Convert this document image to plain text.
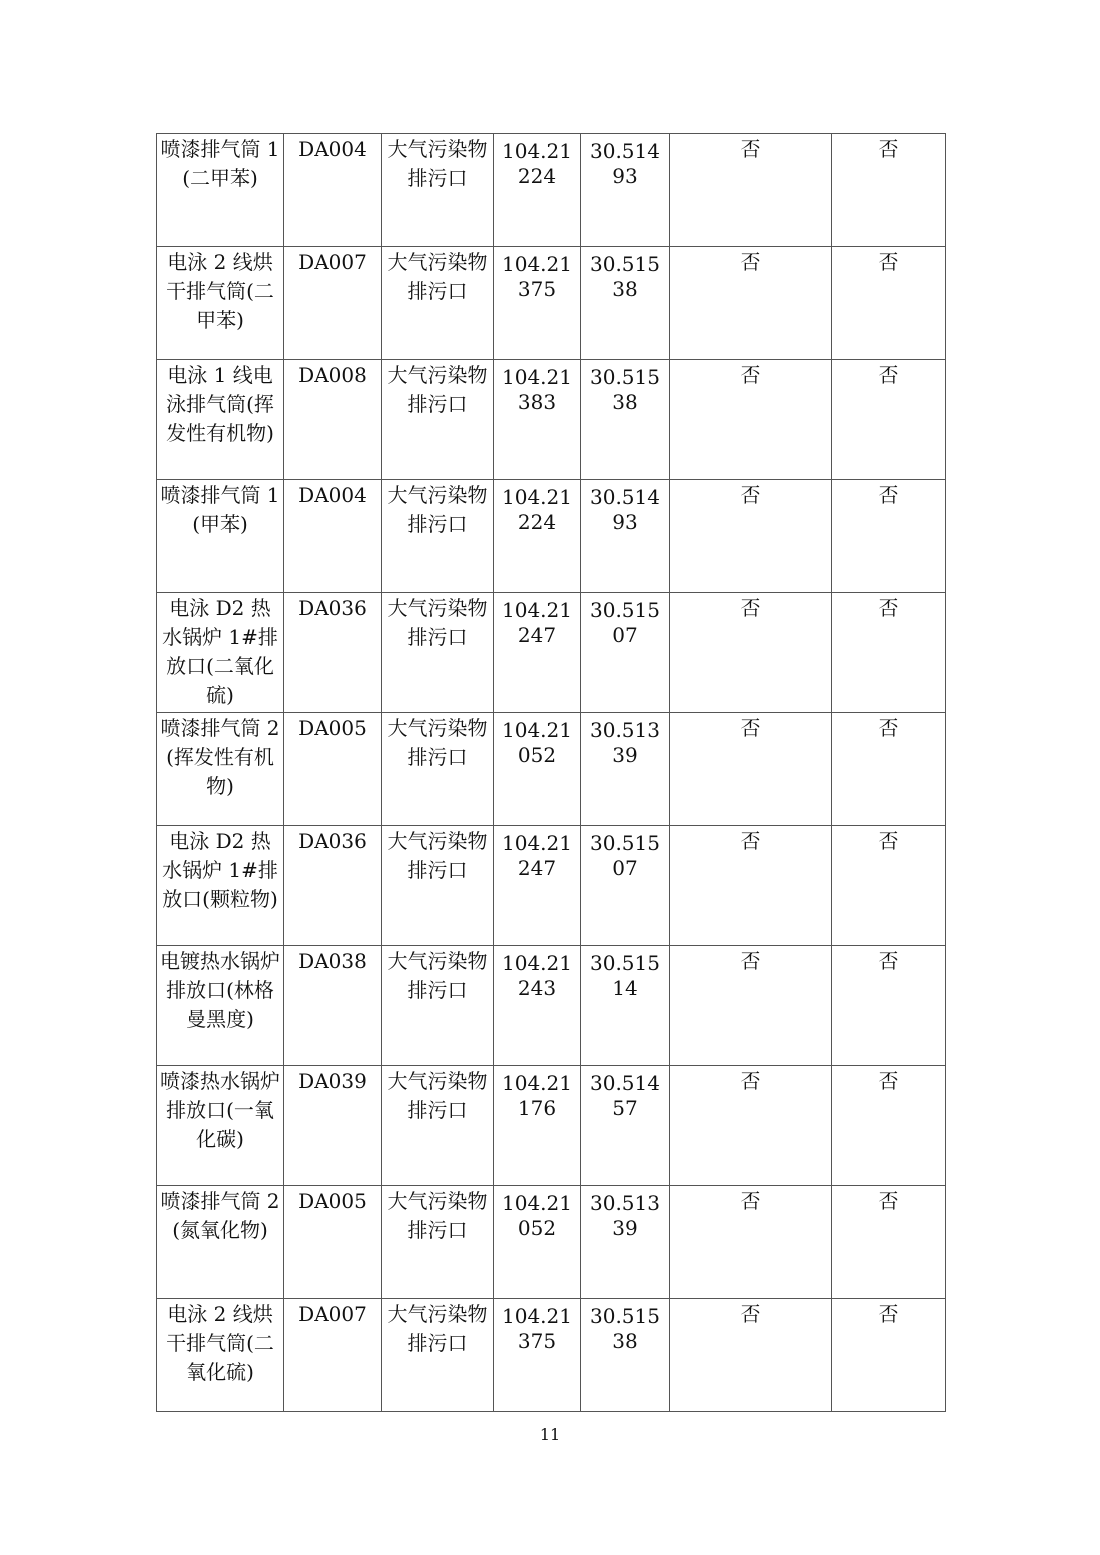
喷漆排气筒 1(二甲苯)	DA004	大气污染物排污口	104.21224	30.51493	否	否
电泳 2 线烘干排气筒(二甲苯)	DA007	大气污染物排污口	104.21375	30.51538	否	否
电泳 1 线电泳排气筒(挥发性有机物)	DA008	大气污染物排污口	104.21383	30.51538	否	否
喷漆排气筒 1(甲苯)	DA004	大气污染物排污口	104.21224	30.51493	否	否
电泳 D2 热水锅炉 1#排放口(二氧化硫)	DA036	大气污染物排污口	104.21247	30.51507	否	否
喷漆排气筒 2(挥发性有机物)	DA005	大气污染物排污口	104.21052	30.51339	否	否
电泳 D2 热水锅炉 1#排放口(颗粒物)	DA036	大气污染物排污口	104.21247	30.51507	否	否
电镀热水锅炉排放口(林格曼黑度)	DA038	大气污染物排污口	104.21243	30.51514	否	否
喷漆热水锅炉排放口(一氧化碳)	DA039	大气污染物排污口	104.21176	30.51457	否	否
喷漆排气筒 2(氮氧化物)	DA005	大气污染物排污口	104.21052	30.51339	否	否
电泳 2 线烘干排气筒(二氧化硫)	DA007	大气污染物排污口	104.21375	30.51538	否	否
11
